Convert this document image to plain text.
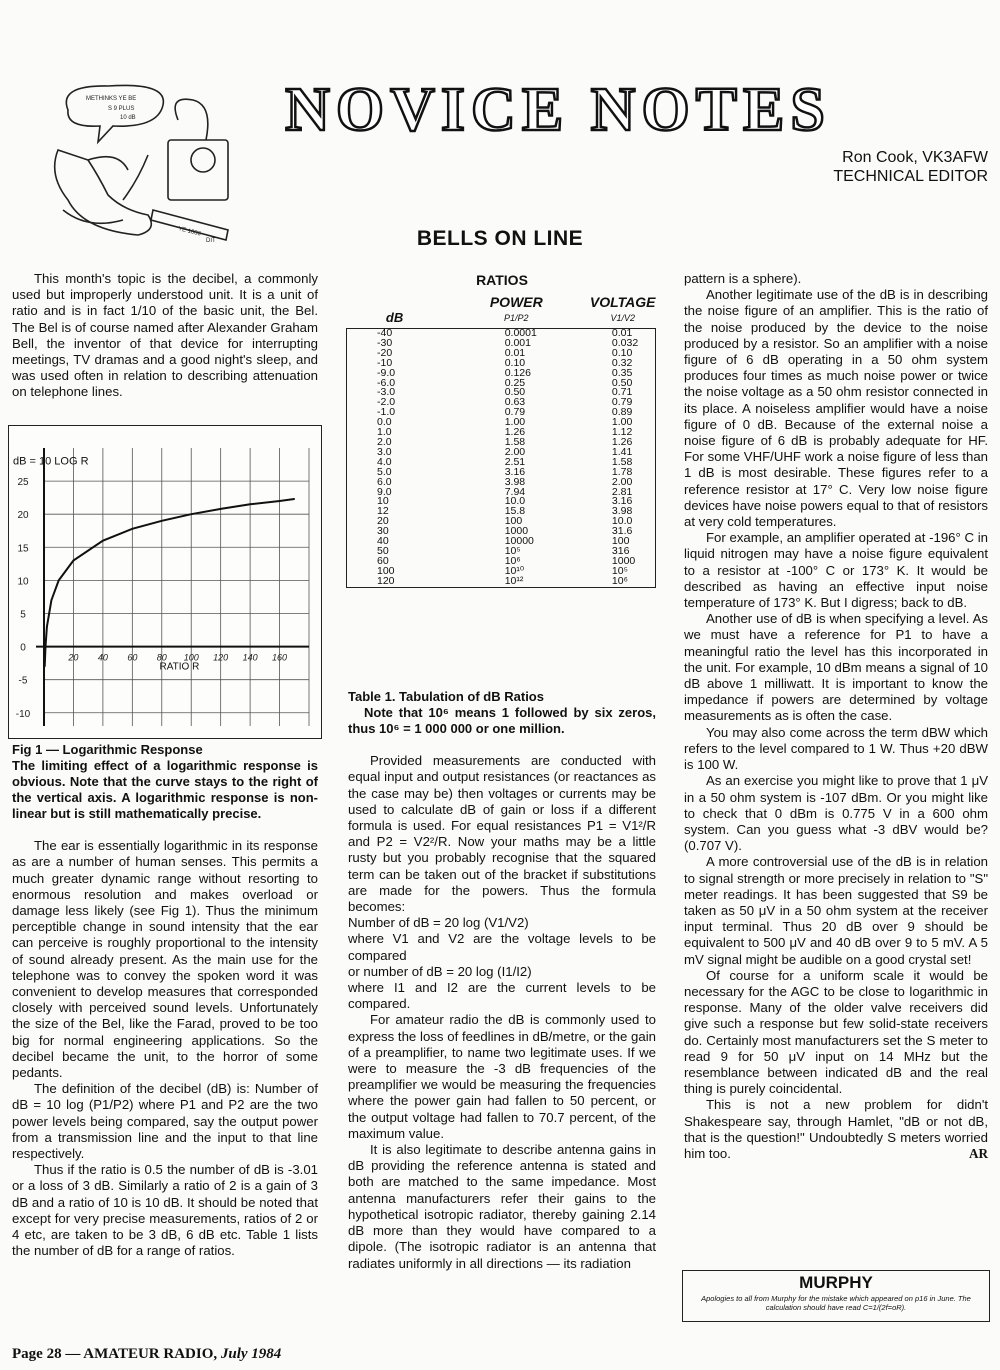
METHINKS YE BE
S 9 PLUS
10 dB
YE 1006
DIT
NOVICE NOTES
Ron Cook, VK3AFW
TECHNICAL EDITOR
BELLS ON LINE

This month's topic is the decibel, a commonly used but improperly understood unit. It is a unit of ratio and is in fact 1/10 of the basic unit, the Bel. The Bel is of course named after Alexander Graham Bell, the inventor of that device for interrupting meetings, TV dramas and a good night's sleep, and was used often in relation to describing attenuation on telephone lines.

25
20
15
10
5
0
-5
-10
20 40 60 80 100 120 140 160
dB = 10 LOG R
RATIO R
Fig 1 — Logarithmic Response
The limiting effect of a logarithmic response is obvious. Note that the curve stays to the right of the vertical axis. A logarithmic response is non-linear but is still mathematically precise.

The ear is essentially logarithmic in its response as are a number of human senses. This permits a much greater dynamic range without resorting to enormous resolution and makes overload or damage less likely (see Fig 1). Thus the minimum perceptible change in sound intensity that the ear can perceive is roughly proportional to the intensity of sound already present. As the main use for the telephone was to convey the spoken word it was convenient to develop measures that corresponded closely with perceived sound levels. Unfortunately the size of the Bel, like the Farad, proved to be too big for normal engineering applications. So the decibel became the unit, to the horror of some pedants.

The definition of the decibel (dB) is: Number of dB = 10 log (P1/P2) where P1 and P2 are the two power levels being compared, say the output power from a transmission line and the input to that line respectively.

Thus if the ratio is 0.5 the number of dB is -3.01 or a loss of 3 dB. Similarly a ratio of 2 is a gain of 3 dB and a ratio of 10 is 10 dB. It should be noted that except for very precise measurements, ratios of 2 or 4 etc, are taken to be 3 dB, 6 dB etc. Table 1 lists the number of dB for a range of ratios.

RATIOS
	POWER	VOLTAGE
dB	P1/P2	V1/V2
-40	0.0001	0.01
-30	0.001	0.032
-20	0.01	0.10
-10	0.10	0.32
-9.0	0.126	0.35
-6.0	0.25	0.50
-3.0	0.50	0.71
-2.0	0.63	0.79
-1.0	0.79	0.89
0.0	1.00	1.00
1.0	1.26	1.12
2.0	1.58	1.26
3.0	2.00	1.41
4.0	2.51	1.58
5.0	3.16	1.78
6.0	3.98	2.00
9.0	7.94	2.81
10	10.0	3.16
12	15.8	3.98
20	100	10.0
30	1000	31.6
40	10000	100
50	10⁵	316
60	10⁶	1000
100	10¹⁰	10⁵
120	10¹²	10⁶
Table 1. Tabulation of dB Ratios
Note that 10⁶ means 1 followed by six zeros, thus 10⁶ = 1 000 000 or one million.

Provided measurements are conducted with equal input and output resistances (or reactances as the case may be) then voltages or currents may be used to calculate dB of gain or loss if a different formula is used. For equal resistances P1 = V1²/R and P2 = V2²/R. Now your maths may be a little rusty but you probably recognise that the squared term can be taken out of the bracket if substitutions are made for the powers. Thus the formula becomes:

Number of dB = 20 log (V1/V2)

where V1 and V2 are the voltage levels to be compared

or number of dB = 20 log (I1/I2)

where I1 and I2 are the current levels to be compared.

For amateur radio the dB is commonly used to express the loss of feedlines in dB/metre, or the gain of a preamplifier, to name two legitimate uses. If we were to measure the -3 dB frequencies of the preamplifier we would be measuring the frequencies where the power gain had fallen to 50 percent, or the output voltage had fallen to 70.7 percent, of the maximum value.

It is also legitimate to describe antenna gains in dB providing the reference antenna is stated and both are matched to the same impedance. Most antenna manufacturers refer their gains to the hypothetical isotropic radiator, thereby gaining 2.14 dB more than they would have compared to a dipole. (The isotropic radiator is an antenna that radiates uniformly in all directions — its radiation

pattern is a sphere).

Another legitimate use of the dB is in describing the noise figure of an amplifier. This is the ratio of the noise produced by the device to the noise produced by a resistor. So an amplifier with a noise figure of 6 dB operating in a 50 ohm system produces four times as much noise power or twice the noise voltage as a 50 ohm resistor connected in its place. A noiseless amplifier would have a noise figure of 0 dB. Because of the external noise a noise figure of 6 dB is probably adequate for HF. For some VHF/UHF work a noise figure of less than 1 dB is most desirable. These figures refer to a reference resistor at 17° C. Very low noise figure devices have noise powers equal to that of resistors at very cold temperatures.

For example, an amplifier operated at -196° C in liquid nitrogen may have a noise figure equivalent to a resistor at -100° C or 173° K. It would be described as having an effective input noise temperature of 173° K. But I digress; back to dB.

Another use of dB is when specifying a level. As we must have a reference for P1 to have a meaningful ratio the level has this incorporated in the unit. For example, 10 dBm means a signal of 10 dB above 1 milliwatt. It is important to know the impedance if powers are determined by voltage measurements as is often the case.

You may also come across the term dBW which refers to the level compared to 1 W. Thus +20 dBW is 100 W.

As an exercise you might like to prove that 1 μV in a 50 ohm system is -107 dBm. Or you might like to check that 0 dBm is 0.775 V in a 600 ohm system. Can you guess what -3 dBV would be? (0.707 V).

A more controversial use of the dB is in relation to signal strength or more precisely in relation to "S" meter readings. It has been suggested that S9 be taken as 50 μV in a 50 ohm system at the receiver input terminal. Thus 20 dB over 9 should be equivalent to 500 μV and 40 dB over 9 to 5 mV. A 5 mV signal might be audible on a good crystal set!

Of course for a uniform scale it would be necessary for the AGC to be close to logarithmic in response. Many of the older valve receivers did give such a response but few solid-state receivers do. Certainly most manufacturers set the S meter to read 9 for 50 μV input on 14 MHz but the resemblance between indicated dB and the real thing is purely coincidental.

This is not a new problem for didn't Shakespeare say, through Hamlet, "dB or not dB, that is the question!" Undoubtedly S meters worried him too.	AR

MURPHY
Apologies to all from Murphy for the mistake which appeared on p16 in June. The calculation should have read C=1/(2f=oR).
Page 28 — AMATEUR RADIO, July 1984
